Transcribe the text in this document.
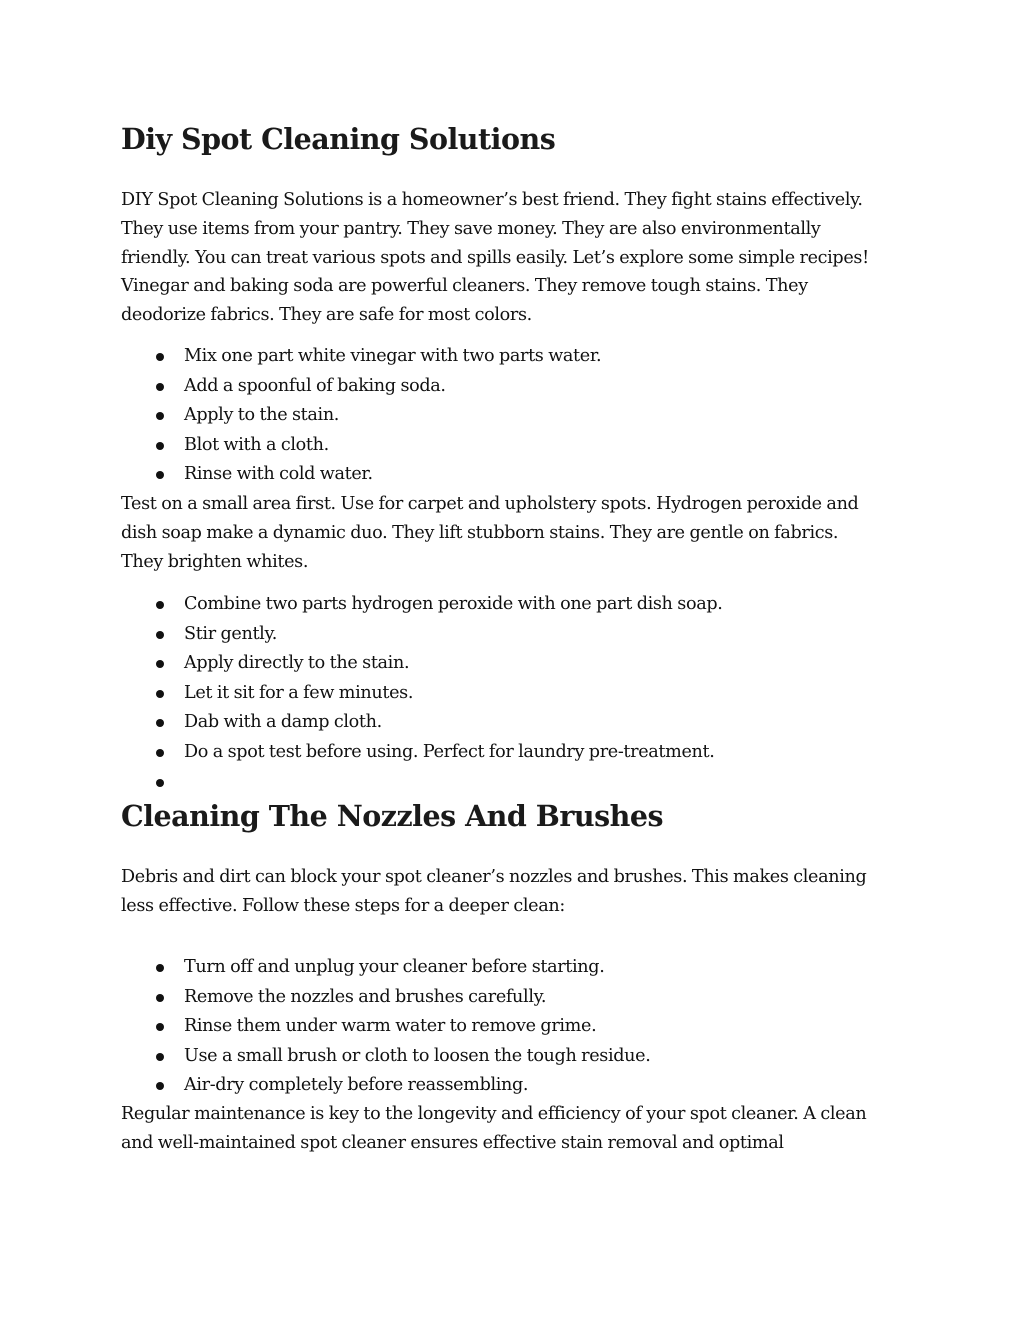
Diy Spot Cleaning Solutions
DIY Spot Cleaning Solutions is a homeowner’s best friend. They fight stains effectively.
They use items from your pantry. They save money. They are also environmentally
friendly. You can treat various spots and spills easily. Let’s explore some simple recipes!
Vinegar and baking soda are powerful cleaners. They remove tough stains. They
deodorize fabrics. They are safe for most colors.
Mix one part white vinegar with two parts water.
Add a spoonful of baking soda.
Apply to the stain.
Blot with a cloth.
Rinse with cold water.
Test on a small area first. Use for carpet and upholstery spots. Hydrogen peroxide and
dish soap make a dynamic duo. They lift stubborn stains. They are gentle on fabrics.
They brighten whites.
Combine two parts hydrogen peroxide with one part dish soap.
Stir gently.
Apply directly to the stain.
Let it sit for a few minutes.
Dab with a damp cloth.
Do a spot test before using. Perfect for laundry pre-treatment.
Cleaning The Nozzles And Brushes
Debris and dirt can block your spot cleaner’s nozzles and brushes. This makes cleaning
less effective. Follow these steps for a deeper clean:
Turn off and unplug your cleaner before starting.
Remove the nozzles and brushes carefully.
Rinse them under warm water to remove grime.
Use a small brush or cloth to loosen the tough residue.
Air-dry completely before reassembling.
Regular maintenance is key to the longevity and efficiency of your spot cleaner. A clean
and well-maintained spot cleaner ensures effective stain removal and optimal
